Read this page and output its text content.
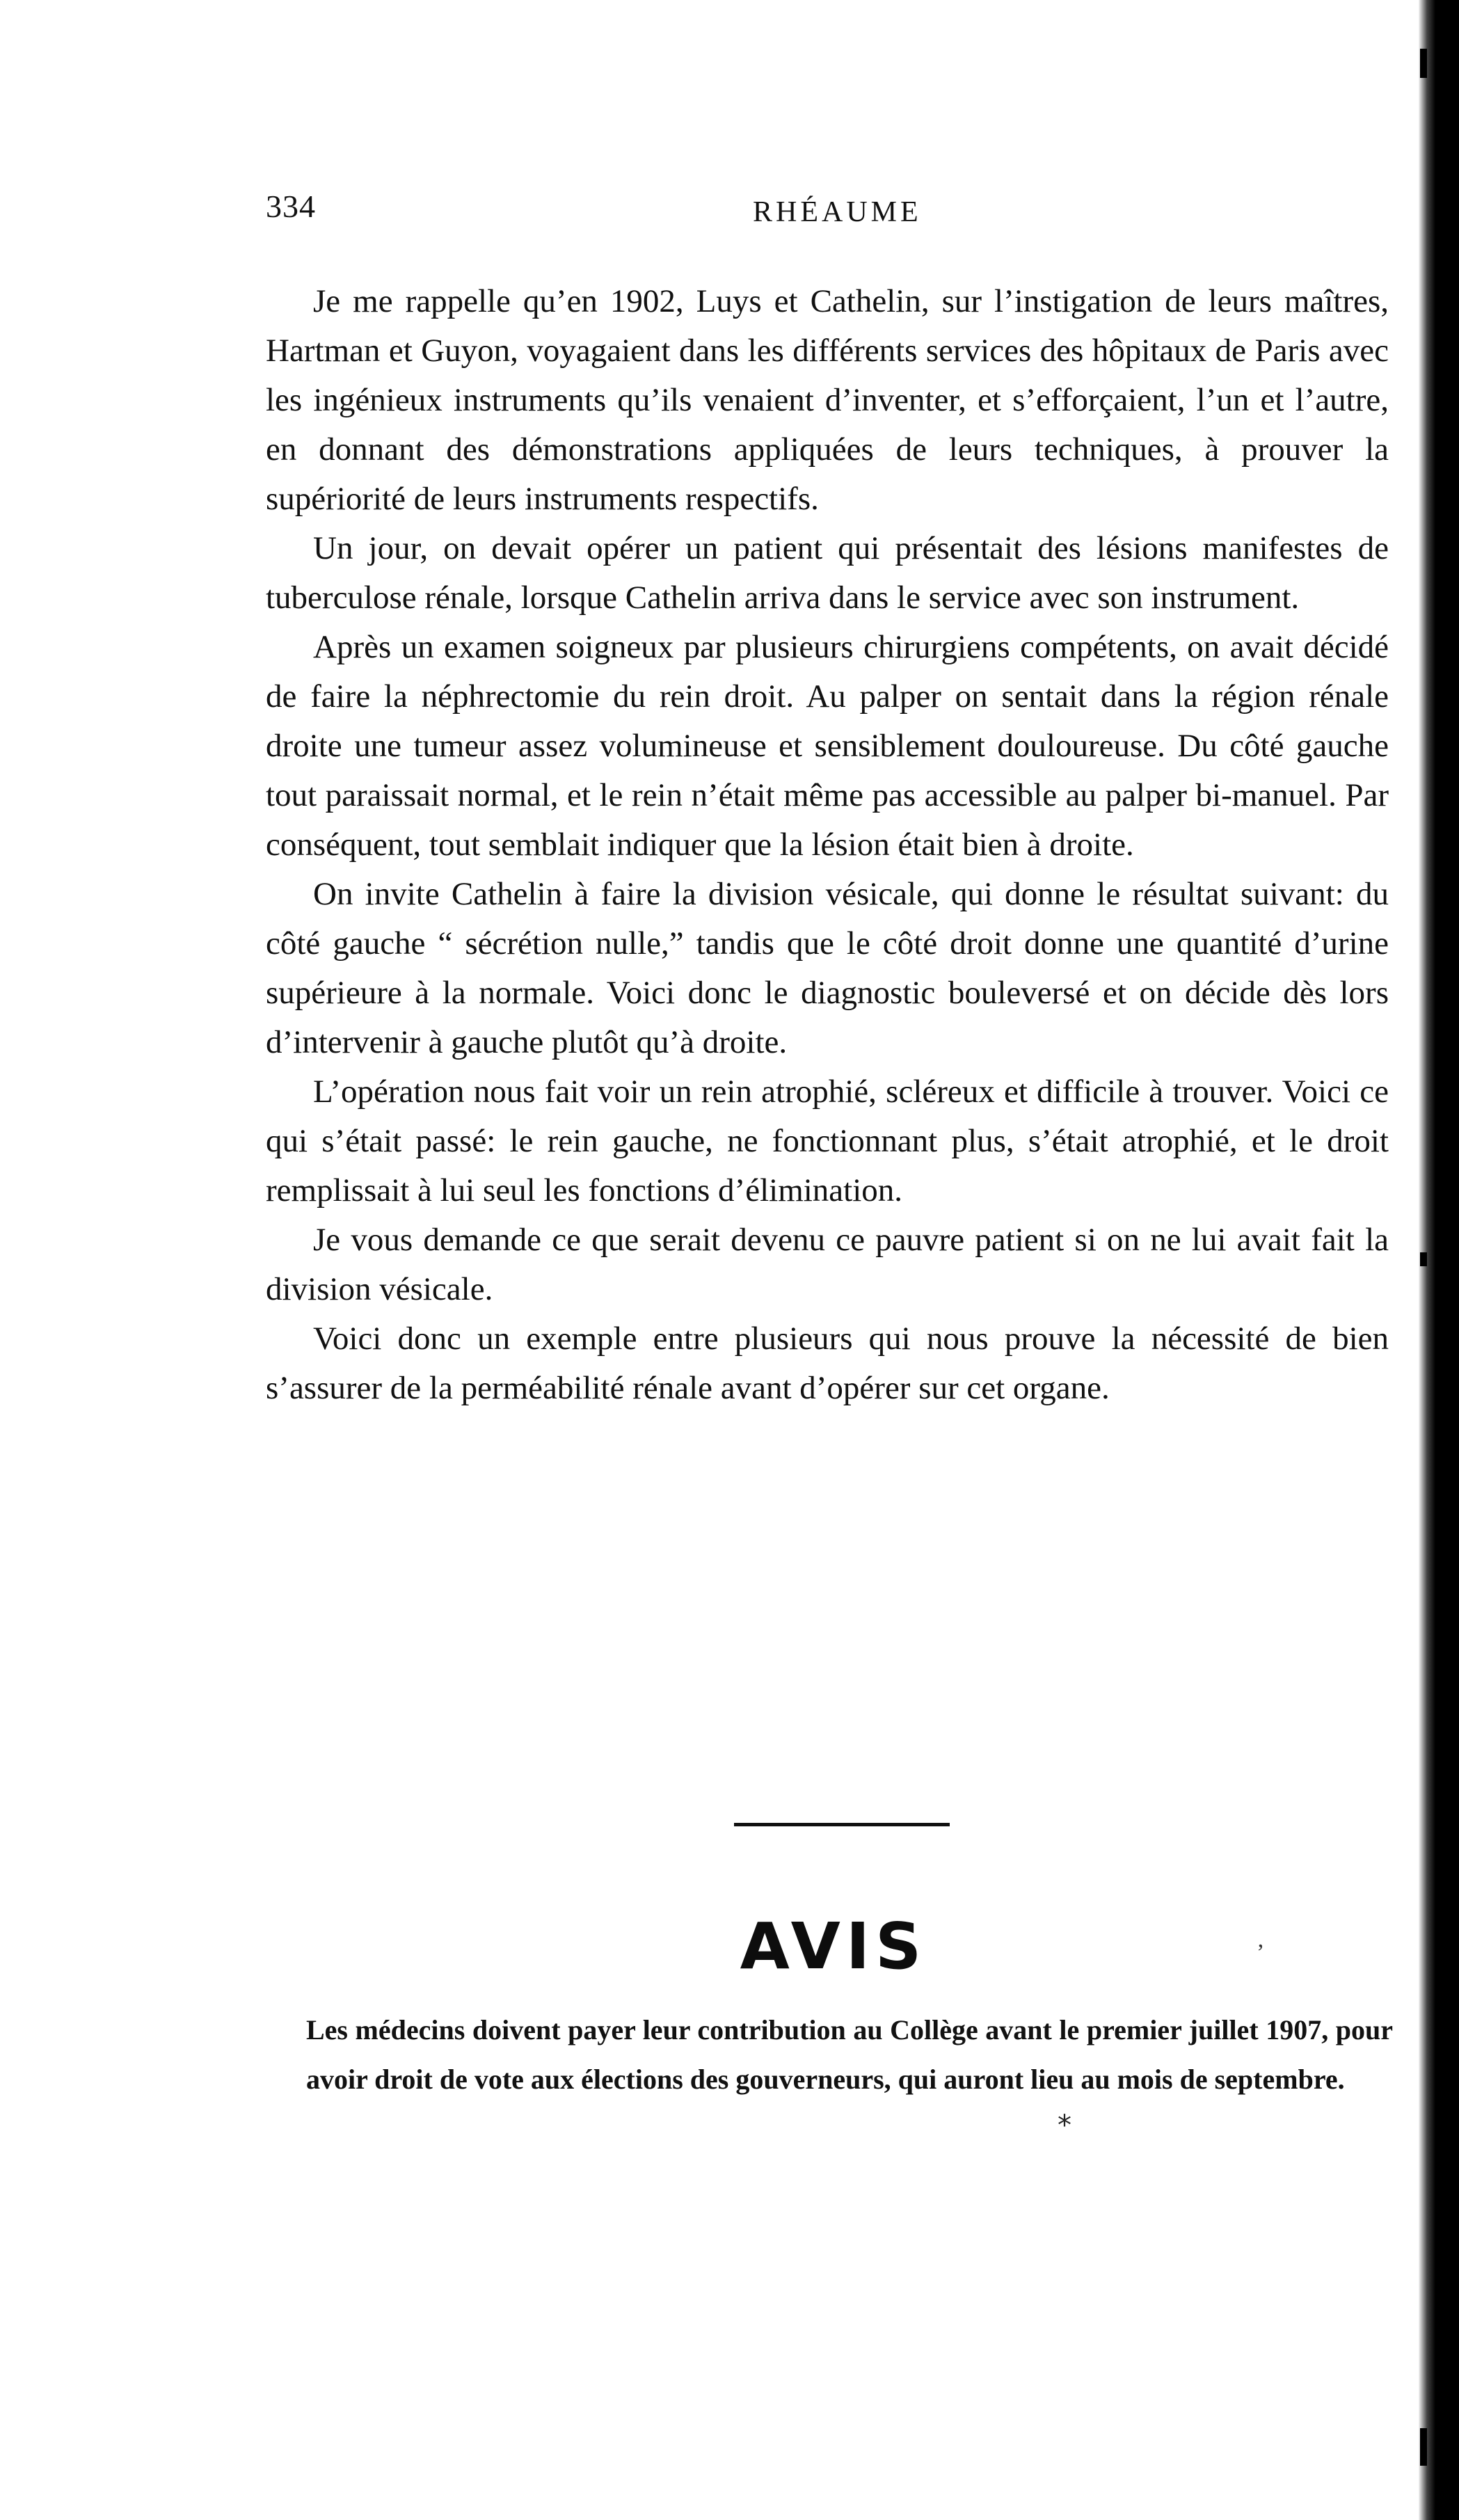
334	RHÉAUME

Je me rappelle qu’en 1902, Luys et Cathelin, sur l’instigation de leurs maîtres, Hartman et Guyon, voyagaient dans les différents services des hôpitaux de Paris avec les ingénieux instruments qu’ils venaient d’inventer, et s’efforçaient, l’un et l’autre, en donnant des démonstrations appliquées de leurs techniques, à prouver la supériorité de leurs instruments respectifs.

Un jour, on devait opérer un patient qui présentait des lésions manifestes de tuberculose rénale, lorsque Cathelin arriva dans le service avec son instrument.

Après un examen soigneux par plusieurs chirurgiens compétents, on avait décidé de faire la néphrectomie du rein droit. Au palper on sentait dans la région rénale droite une tumeur assez volumineuse et sensiblement douloureuse. Du côté gauche tout paraissait normal, et le rein n’était même pas accessible au palper bi-manuel. Par conséquent, tout semblait indiquer que la lésion était bien à droite.

On invite Cathelin à faire la division vésicale, qui donne le résultat suivant: du côté gauche “ sécrétion nulle,” tandis que le côté droit donne une quantité d’urine supérieure à la normale. Voici donc le diagnostic bouleversé et on décide dès lors d’intervenir à gauche plutôt qu’à droite.

L’opération nous fait voir un rein atrophié, scléreux et difficile à trouver. Voici ce qui s’était passé: le rein gauche, ne fonctionnant plus, s’était atrophié, et le droit remplissait à lui seul les fonctions d’élimination.

Je vous demande ce que serait devenu ce pauvre patient si on ne lui avait fait la division vésicale.

Voici donc un exemple entre plusieurs qui nous prouve la nécessité de bien s’assurer de la perméabilité rénale avant d’opérer sur cet organe.

AVIS	’

Les médecins doivent payer leur contribution au Collège avant le premier juillet 1907, pour avoir droit de vote aux élections des gouverneurs, qui auront lieu au mois de septembre.

*
